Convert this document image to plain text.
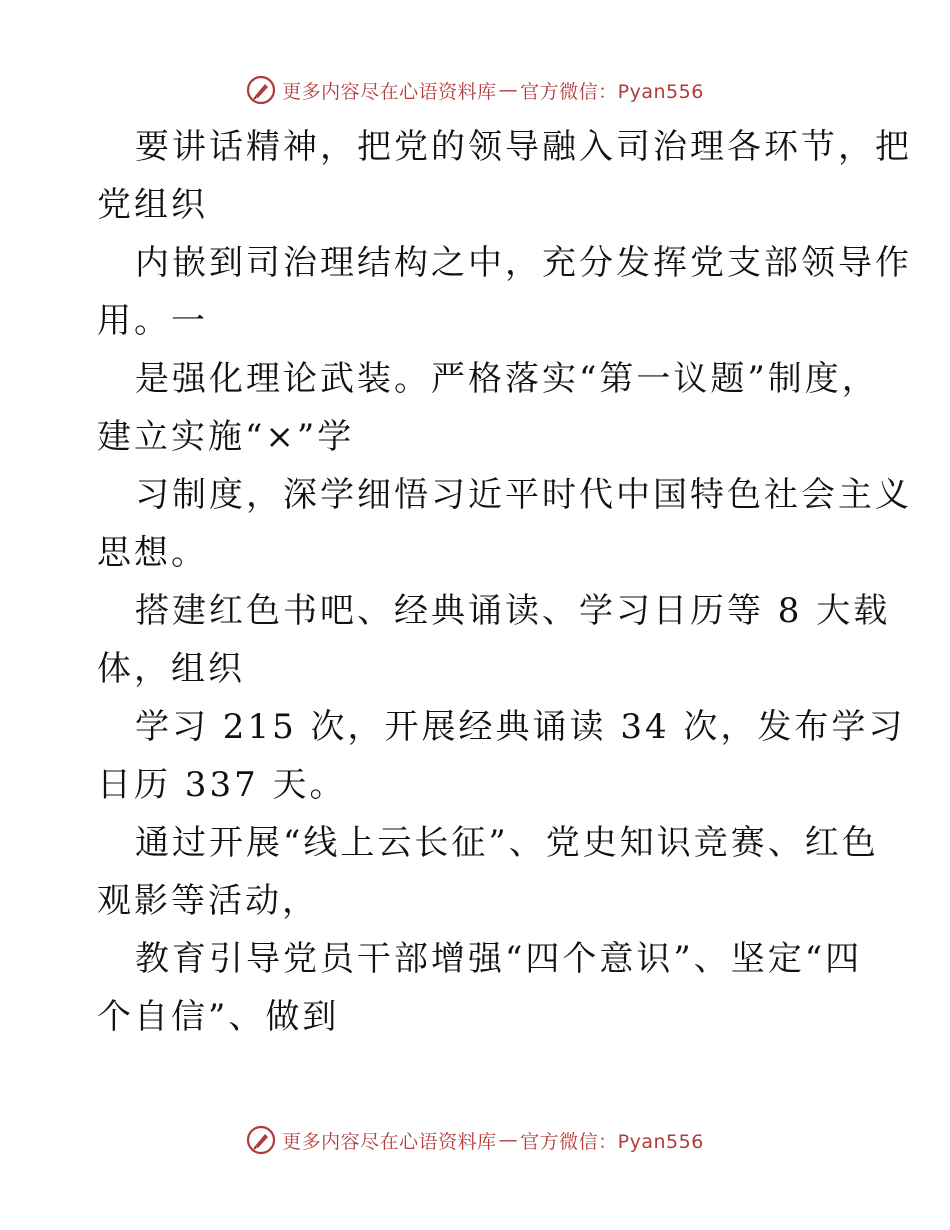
更多内容尽在心语资料库 — 官方微信：Pyan556
要讲话精神，把党的领导融入司治理各环节，把
党组织
内嵌到司治理结构之中，充分发挥党支部领导作
用。一
是强化理论武装。严格落实“第一议题”制度，
建立实施“×”学
习制度，深学细悟习近平时代中国特色社会主义
思想。
搭建红色书吧、经典诵读、学习日历等 8 大载
体，组织
学习 215 次，开展经典诵读 34 次，发布学习
日历 337 天。
通过开展“线上云长征”、党史知识竞赛、红色
观影等活动，
教育引导党员干部增强“四个意识”、坚定“四
个自信”、做到
更多内容尽在心语资料库 — 官方微信：Pyan556
